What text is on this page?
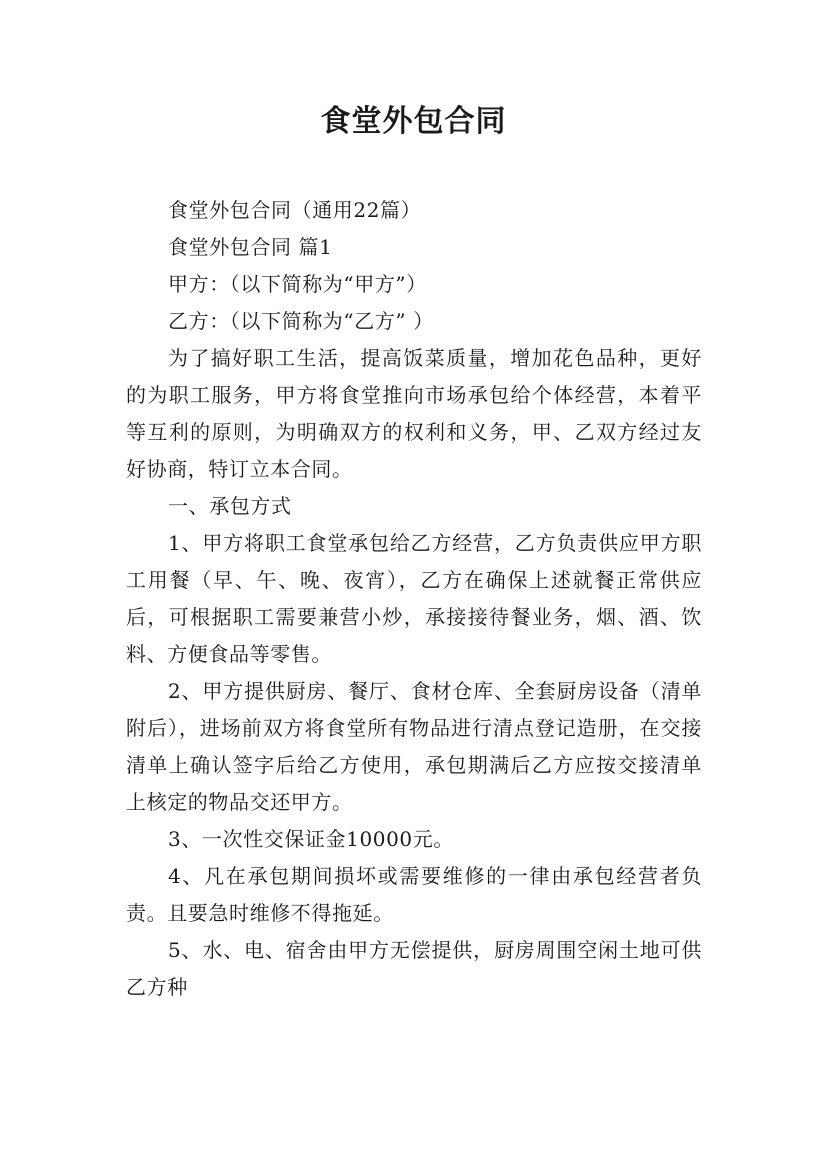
食堂外包合同

食堂外包合同（通用22篇）

食堂外包合同 篇1

甲方：（以下简称为“甲方”）

乙方：（以下简称为“乙方” ）

为了搞好职工生活，提高饭菜质量，增加花色品种，更好的为职工服务，甲方将食堂推向市场承包给个体经营，本着平等互利的原则，为明确双方的权利和义务，甲、乙双方经过友好协商，特订立本合同。

一、承包方式

1、甲方将职工食堂承包给乙方经营，乙方负责供应甲方职工用餐（早、午、晚、夜宵），乙方在确保上述就餐正常供应后，可根据职工需要兼营小炒，承接接待餐业务，烟、酒、饮料、方便食品等零售。

2、甲方提供厨房、餐厅、食材仓库、全套厨房设备（清单附后），进场前双方将食堂所有物品进行清点登记造册，在交接清单上确认签字后给乙方使用，承包期满后乙方应按交接清单上核定的物品交还甲方。

3、一次性交保证金10000元。

4、凡在承包期间损坏或需要维修的一律由承包经营者负责。且要急时维修不得拖延。

5、水、电、宿舍由甲方无偿提供，厨房周围空闲土地可供乙方种
